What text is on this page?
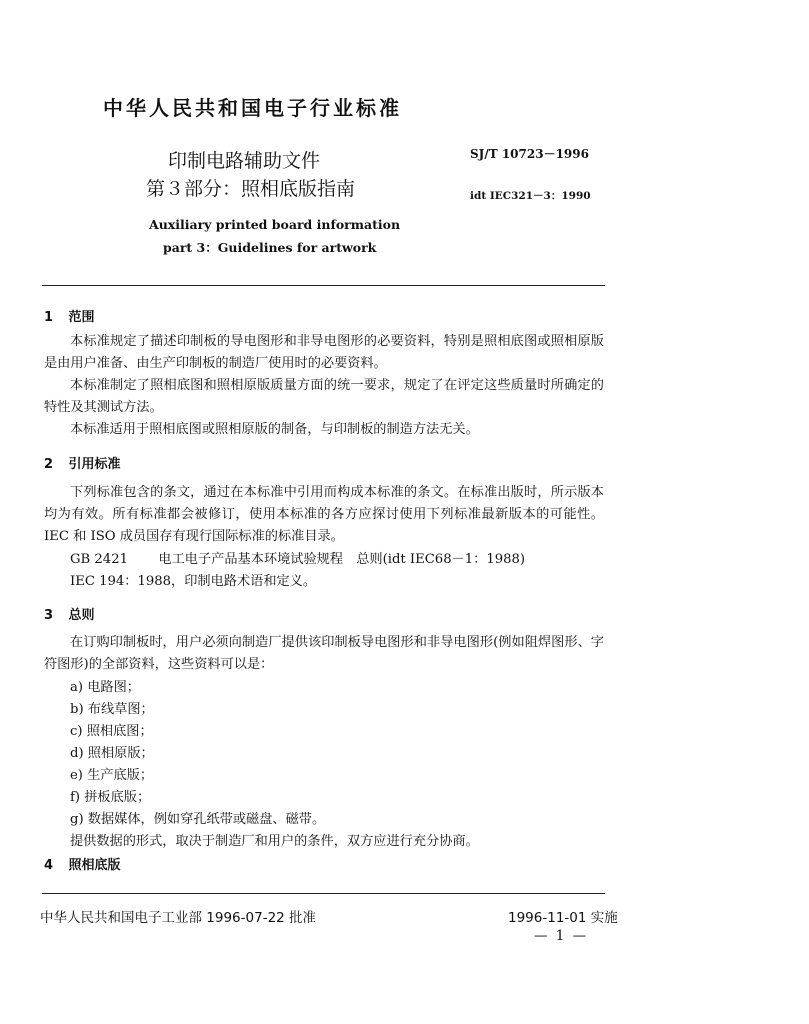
中华人民共和国电子行业标准
印制电路辅助文件
第３部分：照相底版指南
SJ/T 10723－1996
idt IEC321－3：1990
Auxiliary printed board information
part 3：Guidelines for artwork
1 范围
本标准规定了描述印制板的导电图形和非导电图形的必要资料，特别是照相底图或照相原版是由用户准备、由生产印制板的制造厂使用时的必要资料。
本标准制定了照相底图和照相原版质量方面的统一要求，规定了在评定这些质量时所确定的特性及其测试方法。
本标准适用于照相底图或照相原版的制备，与印制板的制造方法无关。
2 引用标准
下列标准包含的条文，通过在本标准中引用而构成本标准的条文。在标准出版时，所示版本均为有效。所有标准都会被修订，使用本标准的各方应探讨使用下列标准最新版本的可能性。IEC 和 ISO 成员国存有现行国际标准的标准目录。
GB 2421 电工电子产品基本环境试验规程　总则(idt IEC68－1：1988)
IEC 194：1988，印制电路术语和定义。
3 总则
在订购印制板时，用户必须向制造厂提供该印制板导电图形和非导电图形(例如阻焊图形、字符图形)的全部资料，这些资料可以是：
a) 电路图；
b) 布线草图；
c) 照相底图；
d) 照相原版；
e) 生产底版；
f) 拼板底版；
g) 数据媒体，例如穿孔纸带或磁盘、磁带。
提供数据的形式，取决于制造厂和用户的条件，双方应进行充分协商。
4 照相底版
中华人民共和国电子工业部 1996-07-22 批准	1996-11-01 实施
— 1 —
